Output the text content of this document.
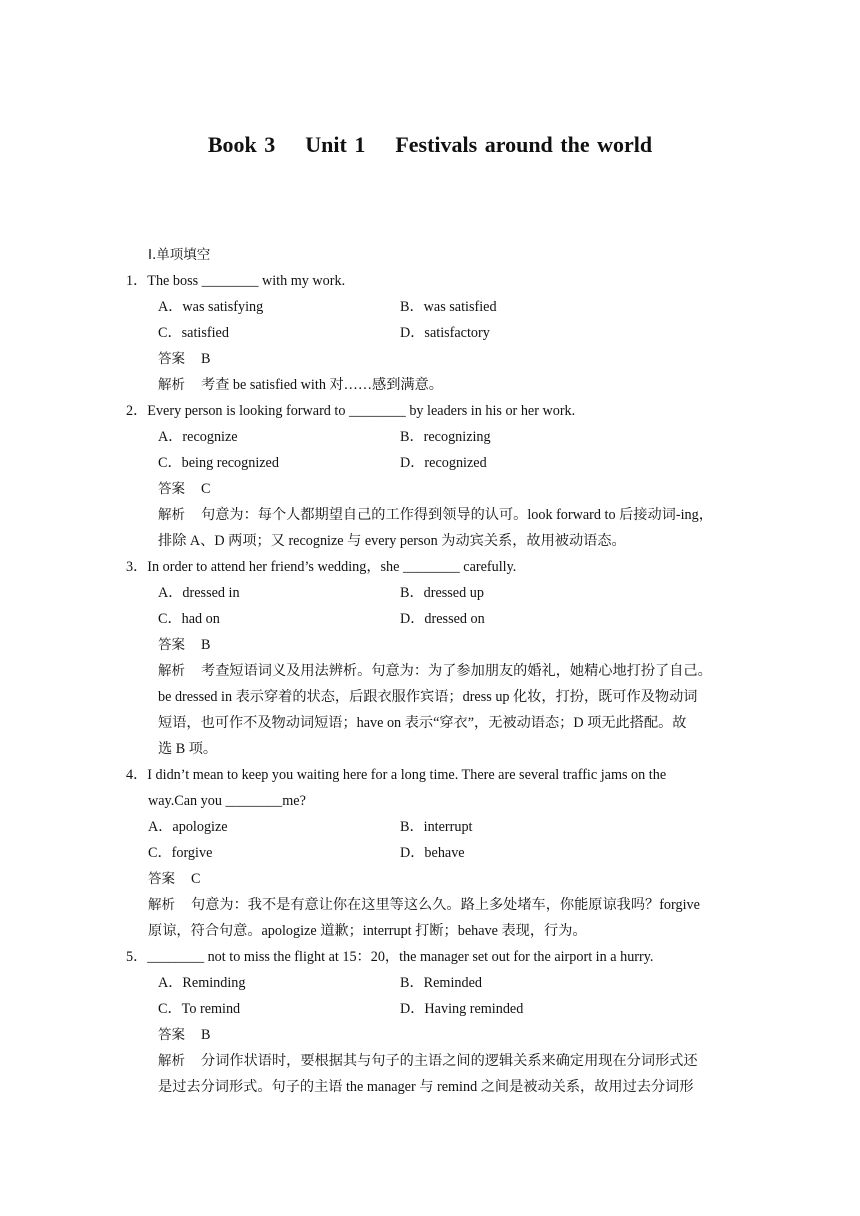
Book 3    Unit 1    Festivals around the world
Ⅰ.单项填空
1．The boss ________ with my work.
A．was satisfying	B．was satisfied
C．satisfied	D．satisfactory
答案 B
解析 考查 be satisfied with 对……感到满意。
2．Every person is looking forward to ________ by leaders in his or her work.
A．recognize	B．recognizing
C．being recognized	D．recognized
答案 C
解析 句意为：每个人都期望自己的工作得到领导的认可。look forward to 后接动词-ing，
排除 A、D 两项；又 recognize 与 every person 为动宾关系，故用被动语态。
3．In order to attend her friend’s wedding，she ________ carefully.
A．dressed in	B．dressed up
C．had on	D．dressed on
答案 B
解析 考查短语词义及用法辨析。句意为：为了参加朋友的婚礼，她精心地打扮了自己。
be dressed in 表示穿着的状态，后跟衣服作宾语；dress up 化妆，打扮，既可作及物动词
短语，也可作不及物动词短语；have on 表示“穿衣”，无被动语态；D 项无此搭配。故
选 B 项。
4．I didn’t mean to keep you waiting here for a long time. There are several traffic jams on the
way.Can you ________me?
A．apologize	B．interrupt
C．forgive	D．behave
答案 C
解析 句意为：我不是有意让你在这里等这么久。路上多处堵车，你能原谅我吗？forgive
原谅，符合句意。apologize 道歉；interrupt 打断；behave 表现，行为。
5．________ not to miss the flight at 15：20，the manager set out for the airport in a hurry.
A．Reminding	B．Reminded
C．To remind	D．Having reminded
答案 B
解析 分词作状语时，要根据其与句子的主语之间的逻辑关系来确定用现在分词形式还
是过去分词形式。句子的主语 the manager 与 remind 之间是被动关系，故用过去分词形
